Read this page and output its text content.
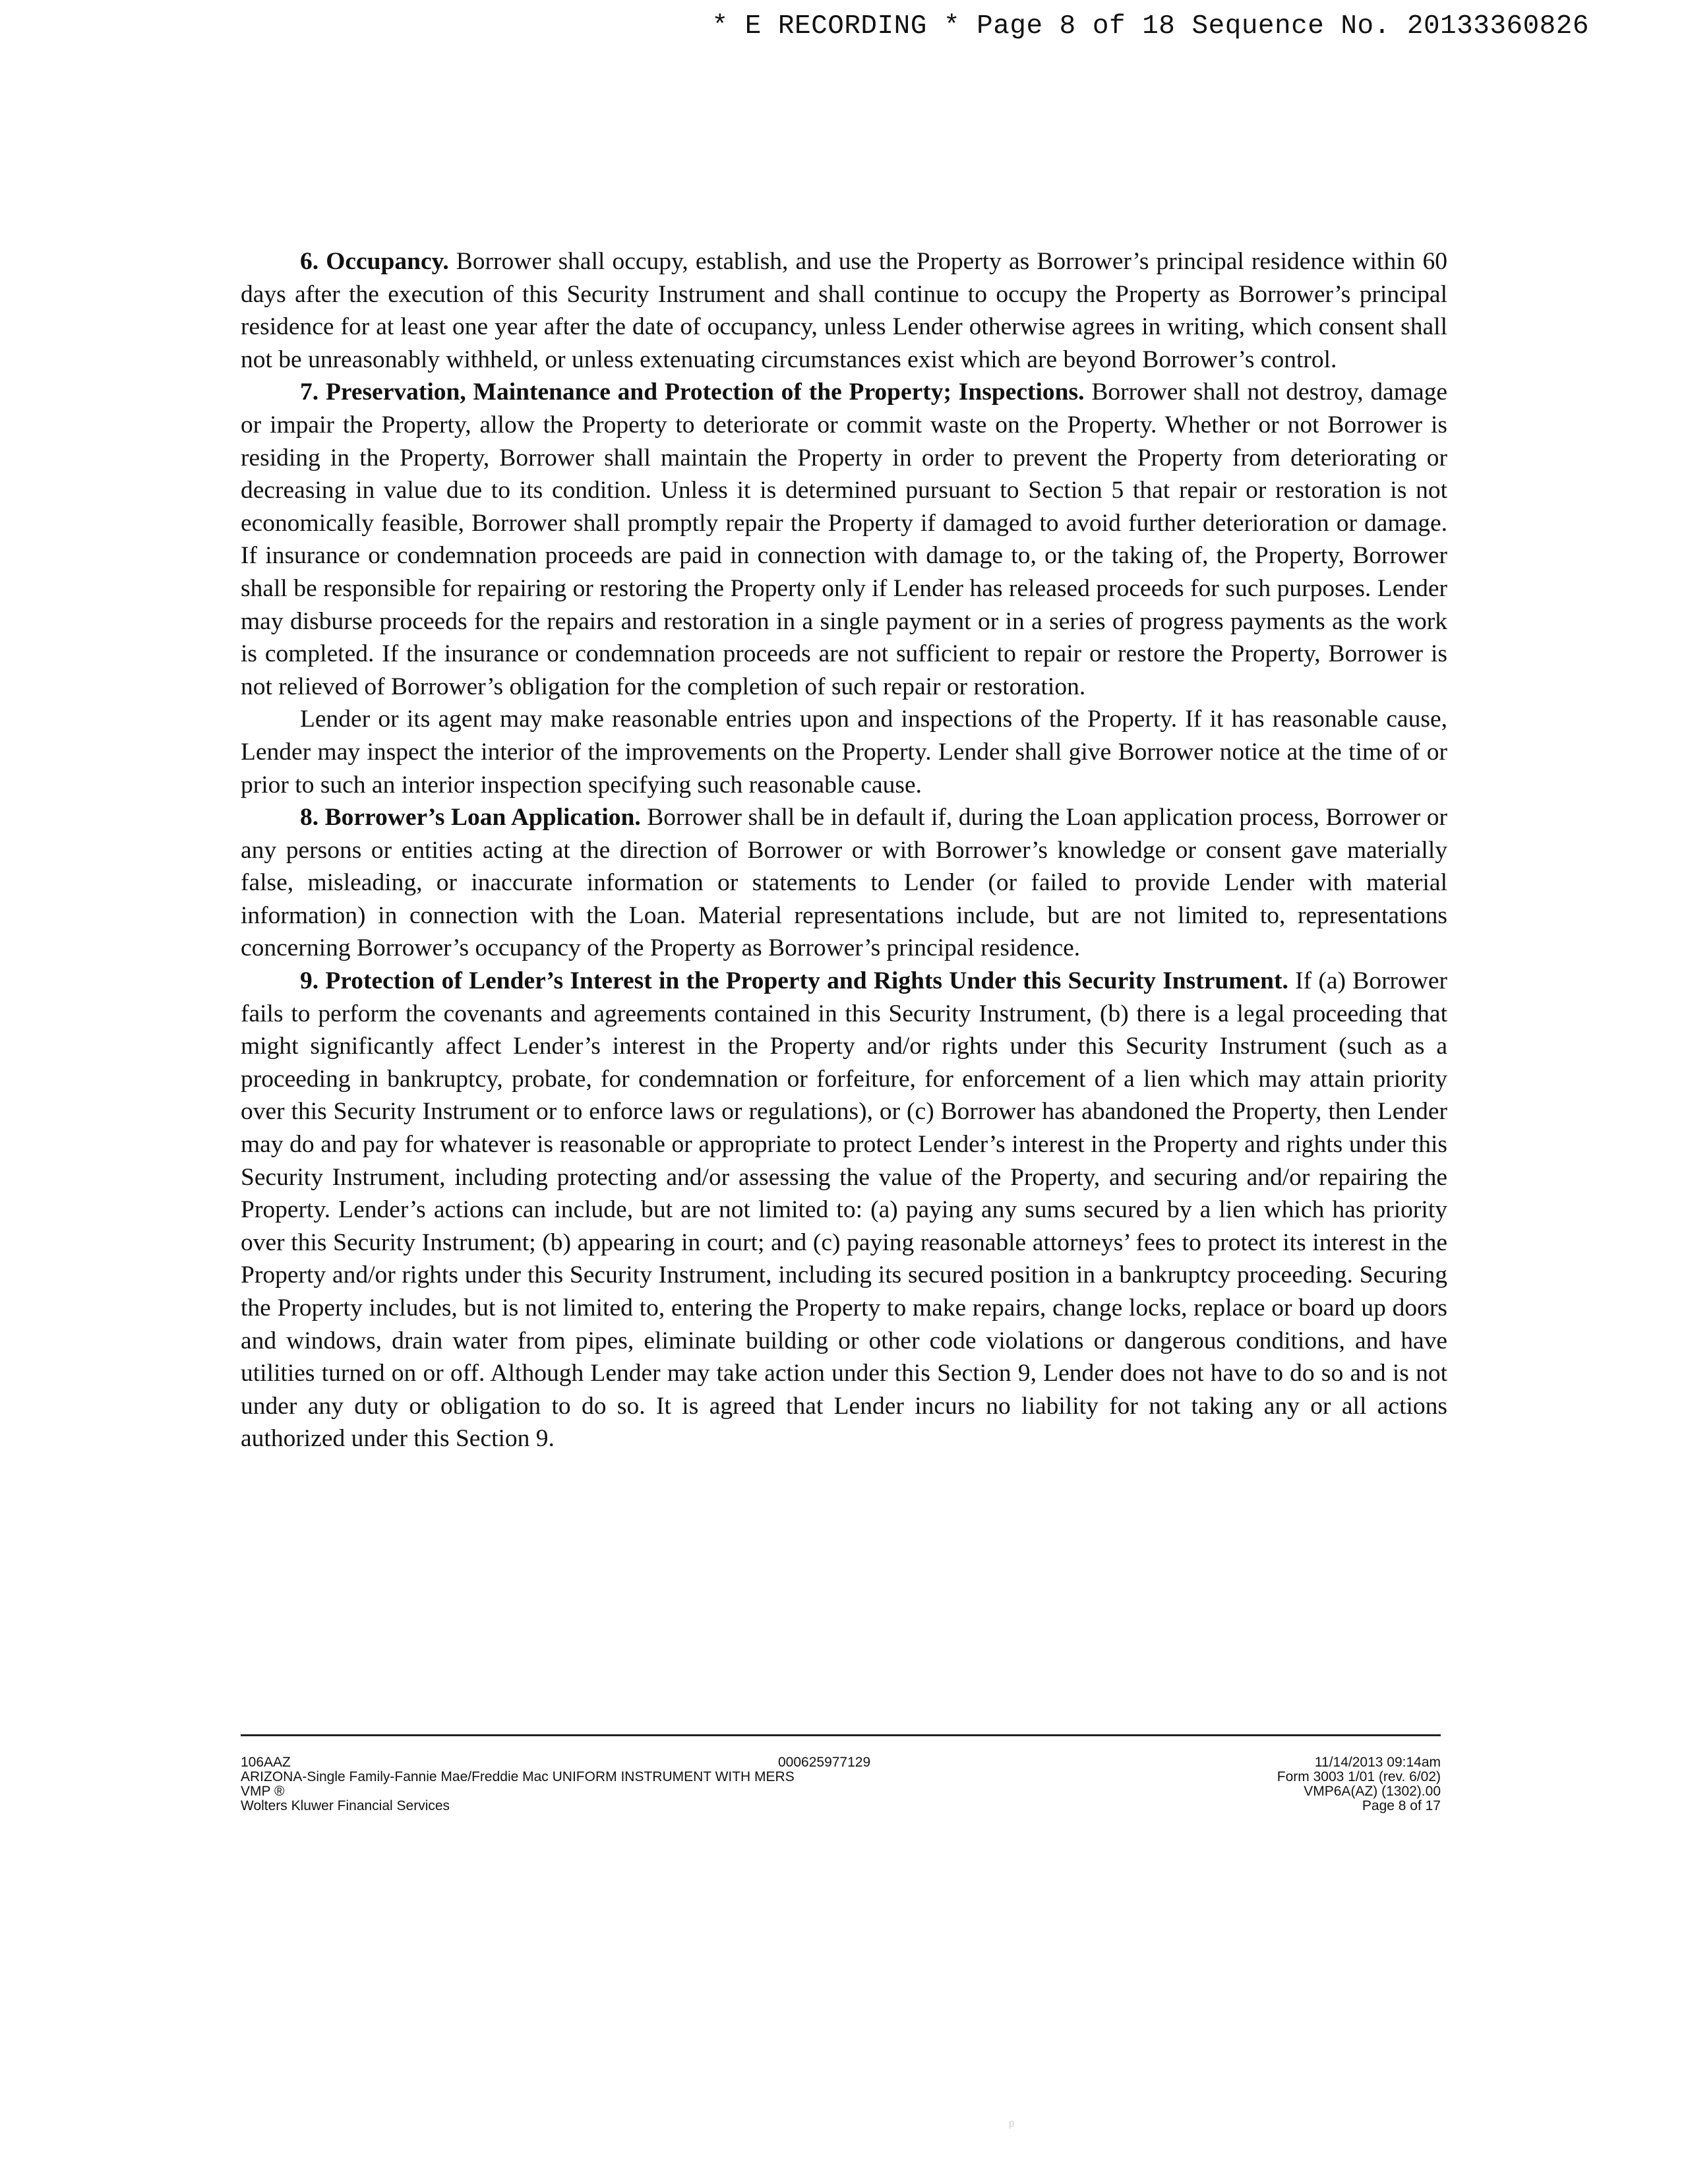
* E RECORDING * Page 8 of 18 Sequence No. 20133360826

6. Occupancy. Borrower shall occupy, establish, and use the Property as Borrower’s principal residence within 60 days after the execution of this Security Instrument and shall continue to occupy the Property as Borrower’s principal residence for at least one year after the date of occupancy, unless Lender otherwise agrees in writing, which consent shall not be unreasonably withheld, or unless extenuating circumstances exist which are beyond Borrower’s control.

7. Preservation, Maintenance and Protection of the Property; Inspections. Borrower shall not destroy, damage or impair the Property, allow the Property to deteriorate or commit waste on the Property. Whether or not Borrower is residing in the Property, Borrower shall maintain the Property in order to prevent the Property from deteriorating or decreasing in value due to its condition. Unless it is determined pursuant to Section 5 that repair or restoration is not economically feasible, Borrower shall promptly repair the Property if damaged to avoid further deterioration or damage. If insurance or condemnation proceeds are paid in connection with damage to, or the taking of, the Property, Borrower shall be responsible for repairing or restoring the Property only if Lender has released proceeds for such purposes. Lender may disburse proceeds for the repairs and restoration in a single payment or in a series of progress payments as the work is completed. If the insurance or condemnation proceeds are not sufficient to repair or restore the Property, Borrower is not relieved of Borrower’s obligation for the completion of such repair or restoration.

Lender or its agent may make reasonable entries upon and inspections of the Property. If it has reasonable cause, Lender may inspect the interior of the improvements on the Property. Lender shall give Borrower notice at the time of or prior to such an interior inspection specifying such reasonable cause.

8. Borrower’s Loan Application. Borrower shall be in default if, during the Loan application process, Borrower or any persons or entities acting at the direction of Borrower or with Borrower’s knowledge or consent gave materially false, misleading, or inaccurate information or statements to Lender (or failed to provide Lender with material information) in connection with the Loan. Material representations include, but are not limited to, representations concerning Borrower’s occupancy of the Property as Borrower’s principal residence.

9. Protection of Lender’s Interest in the Property and Rights Under this Security Instrument. If (a) Borrower fails to perform the covenants and agreements contained in this Security Instrument, (b) there is a legal proceeding that might significantly affect Lender’s interest in the Property and/or rights under this Security Instrument (such as a proceeding in bankruptcy, probate, for condemnation or forfeiture, for enforcement of a lien which may attain priority over this Security Instrument or to enforce laws or regulations), or (c) Borrower has abandoned the Property, then Lender may do and pay for whatever is reasonable or appropriate to protect Lender’s interest in the Property and rights under this Security Instrument, including protecting and/or assessing the value of the Property, and securing and/or repairing the Property. Lender’s actions can include, but are not limited to: (a) paying any sums secured by a lien which has priority over this Security Instrument; (b) appearing in court; and (c) paying reasonable attorneys’ fees to protect its interest in the Property and/or rights under this Security Instrument, including its secured position in a bankruptcy proceeding. Securing the Property includes, but is not limited to, entering the Property to make repairs, change locks, replace or board up doors and windows, drain water from pipes, eliminate building or other code violations or dangerous conditions, and have utilities turned on or off. Although Lender may take action under this Section 9, Lender does not have to do so and is not under any duty or obligation to do so. It is agreed that Lender incurs no liability for not taking any or all actions authorized under this Section 9.

106AAZ
ARIZONA-Single Family-Fannie Mae/Freddie Mac UNIFORM INSTRUMENT WITH MERS
VMP ®
Wolters Kluwer Financial Services
000625977129	11/14/2013 09:14am
Form 3003 1/01 (rev. 6/02)
VMP6A(AZ) (1302).00
Page 8 of 17
ᵖ
